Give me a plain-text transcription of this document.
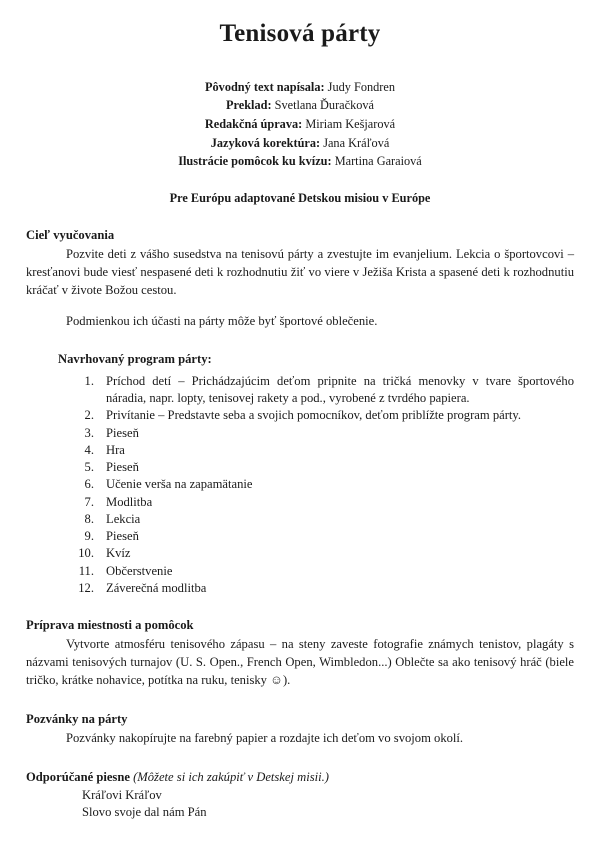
Tenisová párty
Pôvodný text napísala: Judy Fondren
Preklad: Svetlana Ďuračková
Redakčná úprava: Miriam Kešjarová
Jazyková korektúra: Jana Kráľová
Ilustrácie pomôcok ku kvízu: Martina Garaiová
Pre Európu adaptované Detskou misiou v Európe
Cieľ vyučovania

Pozvite deti z vášho susedstva na tenisovú párty a zvestujte im evanjelium. Lekcia o športovcovi – kresťanovi bude viesť nespasené deti k rozhodnutiu žiť vo viere v Ježiša Krista a spasené deti k rozhodnutiu kráčať v živote Božou cestou.

Podmienkou ich účasti na párty môže byť športové oblečenie.

Navrhovaný program párty:
1. Príchod detí – Prichádzajúcim deťom pripnite na tričká menovky v tvare športového náradia, napr. lopty, tenisovej rakety a pod., vyrobené z tvrdého papiera.
2. Privítanie – Predstavte seba a svojich pomocníkov, deťom priblížte program párty.
3. Pieseň
4. Hra
5. Pieseň
6. Učenie verša na zapamätanie
7. Modlitba
8. Lekcia
9. Pieseň
10. Kvíz
11. Občerstvenie
12. Záverečná modlitba
Príprava miestnosti a pomôcok

Vytvorte atmosféru tenisového zápasu – na steny zaveste fotografie známych tenistov, plagáty s názvami tenisových turnajov (U. S. Open., French Open, Wimbledon...) Oblečte sa ako tenisový hráč (biele tričko, krátke nohavice, potítka na ruku, tenisky ☺).

Pozvánky na párty

Pozvánky nakopírujte na farebný papier a rozdajte ich deťom vo svojom okolí.

Odporúčané piesne (Môžete si ich zakúpiť v Detskej misii.)
Kráľovi Kráľov
Slovo svoje dal nám Pán
